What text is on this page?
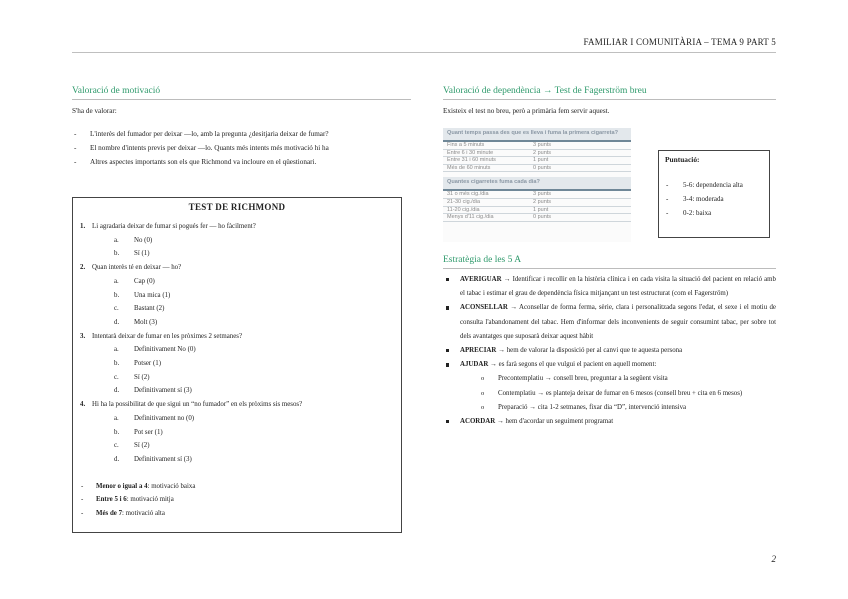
FAMILIAR I COMUNITÀRIA – TEMA 9 PART 5
Valoració de motivació
S'ha de valorar:
- L'interès del fumador per deixar —lo, amb la pregunta ¿desitjaria deixar de fumar?
- El nombre d'intents previs per deixar —lo. Quants més intents més motivació hi ha
- Altres aspectes importants son els que Richmond va incloure en el qüestionari.
TEST DE RICHMOND
1. Li agradaria deixar de fumar si pogués fer — ho fàcilment?
a. No (0)
b. Sí (1)
2. Quan interès té en deixar — ho?
a. Cap (0)
b. Una mica (1)
c. Bastant (2)
d. Molt (3)
3. Intentarà deixar de fumar en les pròximes 2 setmanes?
a. Definitivament No (0)
b. Potser (1)
c. Sí (2)
d. Definitivament sí (3)
4. Hi ha la possibilitat de que sigui un “no fumador” en els pròxims sis mesos?
a. Definitivament no (0)
b. Pot ser (1)
c. Sí (2)
d. Definitivament sí (3)
- Menor o igual a 4: motivació baixa
- Entre 5 i 6: motivació mitja
- Més de 7: motivació alta
Valoració de dependència → Test de Fagerström breu
Existeix el test no breu, però a primària fem servir aquest.
Quant temps passa des que es lleva i fuma la primera cigarreta?
Fins a 5 minuts	3 punts
Entre 6 i 30 minute	2 punts
Entre 31 i 60 minuts	1 punt
Més de 60 minuts	0 punts
Quantes cigarretes fuma cada dia?
31 o més cig./dia	3 punts
21-30 cig./dia	2 punts
11-20 cig./dia	1 punt
Menys d'11 cig./dia	0 punts
Puntuació:
- 5-6: dependencia alta
- 3-4: moderada
- 0-2: baixa
Estratègia de les 5 A
AVERIGUAR → Identificar i recollir en la història clínica i en cada visita la situació del pacient en relació amb el tabac i estimar el grau de dependència física mitjançant un test estructurat (com el Fagerström)
ACONSELLAR → Aconsellar de forma ferma, sèrie, clara i personalitzada segons l'edat, el sexe i el motiu de consulta l'abandonament del tabac. Hem d'informar dels inconvenients de seguir consumint tabac, per sobre tot dels avantatges que suposarà deixar aquest hàbit
APRECIAR → hem de valorar la disposició per al canvi que te aquesta persona
AJUDAR → es farà segons el que vulgui el pacient en aquell moment:
o Precontemplatiu → consell breu, preguntar a la següent visita
o Contemplatiu → es planteja deixar de fumar en 6 mesos (consell breu + cita en 6 mesos)
o Preparació → cita 1-2 setmanes, fixar dia “D”, intervenció intensiva
ACORDAR → hem d'acordar un seguiment programat
2
